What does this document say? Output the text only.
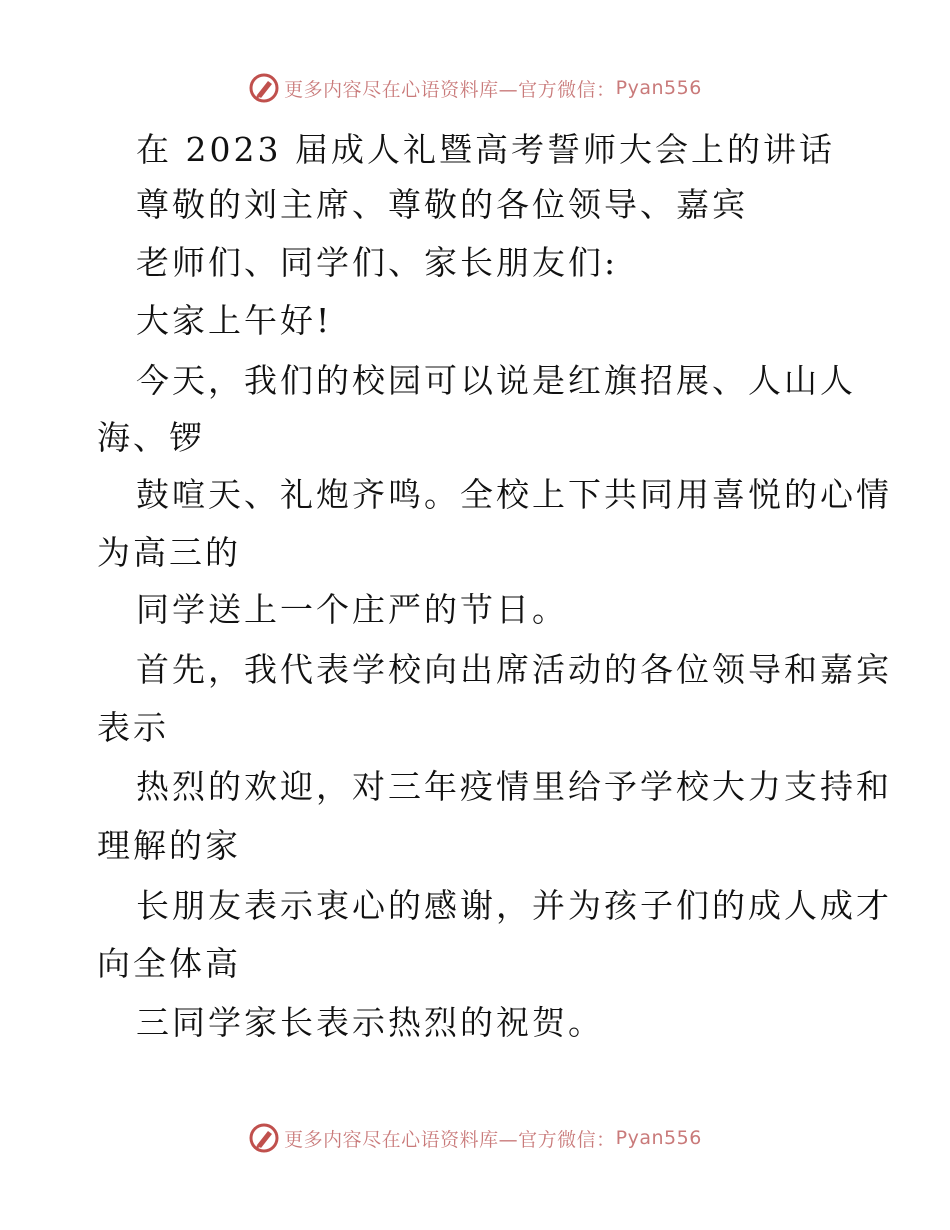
更多内容尽在心语资料库—官方微信： Pyan556
在 2023 届成人礼暨高考誓师大会上的讲话
尊敬的刘主席、尊敬的各位领导、嘉宾
老师们、同学们、家长朋友们:
大家上午好!
今天，我们的校园可以说是红旗招展、人山人
海、锣
鼓喧天、礼炮齐鸣。全校上下共同用喜悦的心情
为高三的
同学送上一个庄严的节日。
首先，我代表学校向出席活动的各位领导和嘉宾
表示
热烈的欢迎，对三年疫情里给予学校大力支持和
理解的家
长朋友表示衷心的感谢，并为孩子们的成人成才
向全体高
三同学家长表示热烈的祝贺。
更多内容尽在心语资料库—官方微信： Pyan556
